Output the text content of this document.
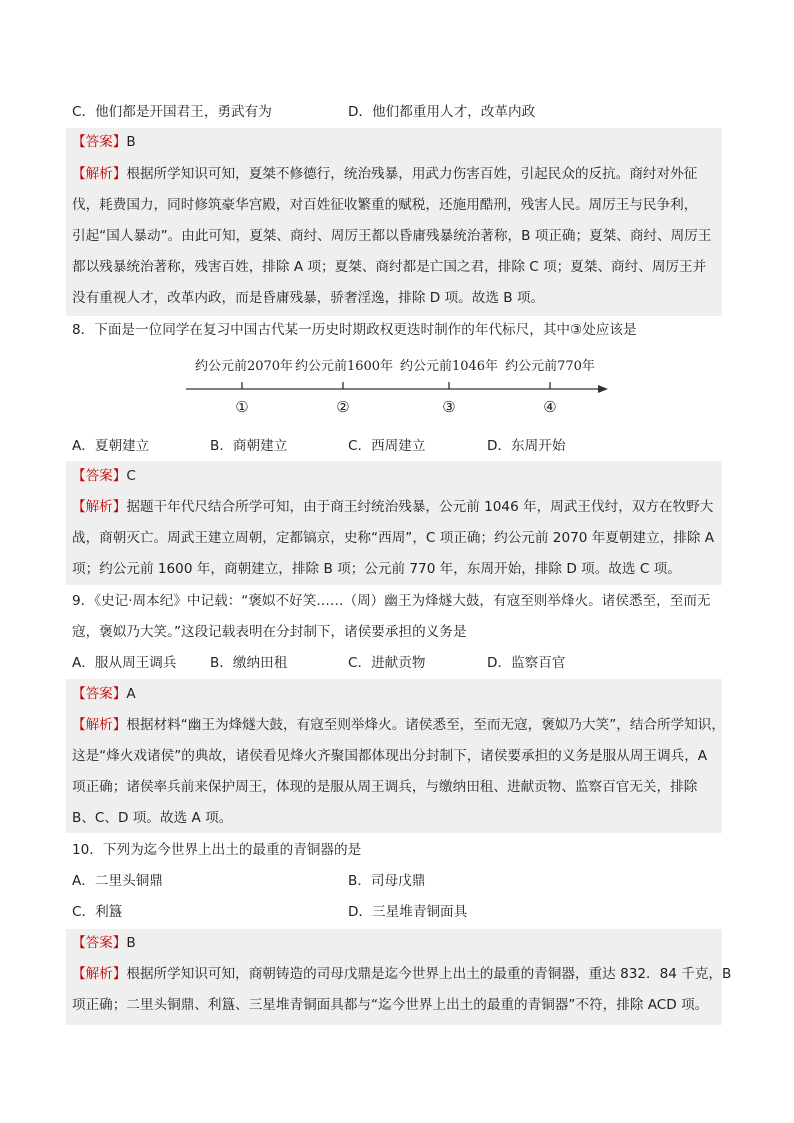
C．他们都是开国君王，勇武有为	D．他们都重用人才，改革内政
【答案】B
【解析】根据所学知识可知，夏桀不修德行，统治残暴，用武力伤害百姓，引起民众的反抗。商纣对外征
伐，耗费国力，同时修筑豪华宫殿，对百姓征收繁重的赋税，还施用酷刑，残害人民。周厉王与民争利，
引起“国人暴动”。由此可知，夏桀、商纣、周厉王都以昏庸残暴统治著称，B 项正确；夏桀、商纣、周厉王
都以残暴统治著称，残害百姓，排除 A 项；夏桀、商纣都是亡国之君，排除 C 项；夏桀、商纣、周厉王并
没有重视人才，改革内政，而是昏庸残暴，骄奢淫逸，排除 D 项。故选 B 项。
8．下面是一位同学在复习中国古代某一历史时期政权更迭时制作的年代标尺，其中③处应该是
约公元前2070年 约公元前1600年 约公元前1046年 约公元前770年
①	②	③	④
A．夏朝建立	B．商朝建立	C．西周建立	D．东周开始
【答案】C
【解析】据题干年代尺结合所学可知，由于商王纣统治残暴，公元前 1046 年，周武王伐纣，双方在牧野大
战，商朝灭亡。周武王建立周朝，定都镐京，史称“西周”，C 项正确；约公元前 2070 年夏朝建立，排除 A
项；约公元前 1600 年，商朝建立，排除 B 项；公元前 770 年，东周开始，排除 D 项。故选 C 项。
9．《史记·周本纪》中记载：“褒姒不好笑……（周）幽王为烽燧大鼓，有寇至则举烽火。诸侯悉至，至而无
寇，褒姒乃大笑。”这段记载表明在分封制下，诸侯要承担的义务是
A．服从周王调兵 B．缴纳田租	C．进献贡物	D．监察百官
【答案】A
【解析】根据材料“幽王为烽燧大鼓，有寇至则举烽火。诸侯悉至，至而无寇，褒姒乃大笑”，结合所学知识，
这是“烽火戏诸侯”的典故，诸侯看见烽火齐聚国都体现出分封制下，诸侯要承担的义务是服从周王调兵，A
项正确；诸侯率兵前来保护周王，体现的是服从周王调兵，与缴纳田租、进献贡物、监察百官无关，排除
B、C、D 项。故选 A 项。
10．下列为迄今世界上出土的最重的青铜器的是
A．二里头铜鼎	B．司母戊鼎
C．利簋	D．三星堆青铜面具
【答案】B
【解析】根据所学知识可知，商朝铸造的司母戊鼎是迄今世界上出土的最重的青铜器，重达 832．84 千克，B
项正确；二里头铜鼎、利簋、三星堆青铜面具都与“迄今世界上出土的最重的青铜器”不符，排除 ACD 项。
